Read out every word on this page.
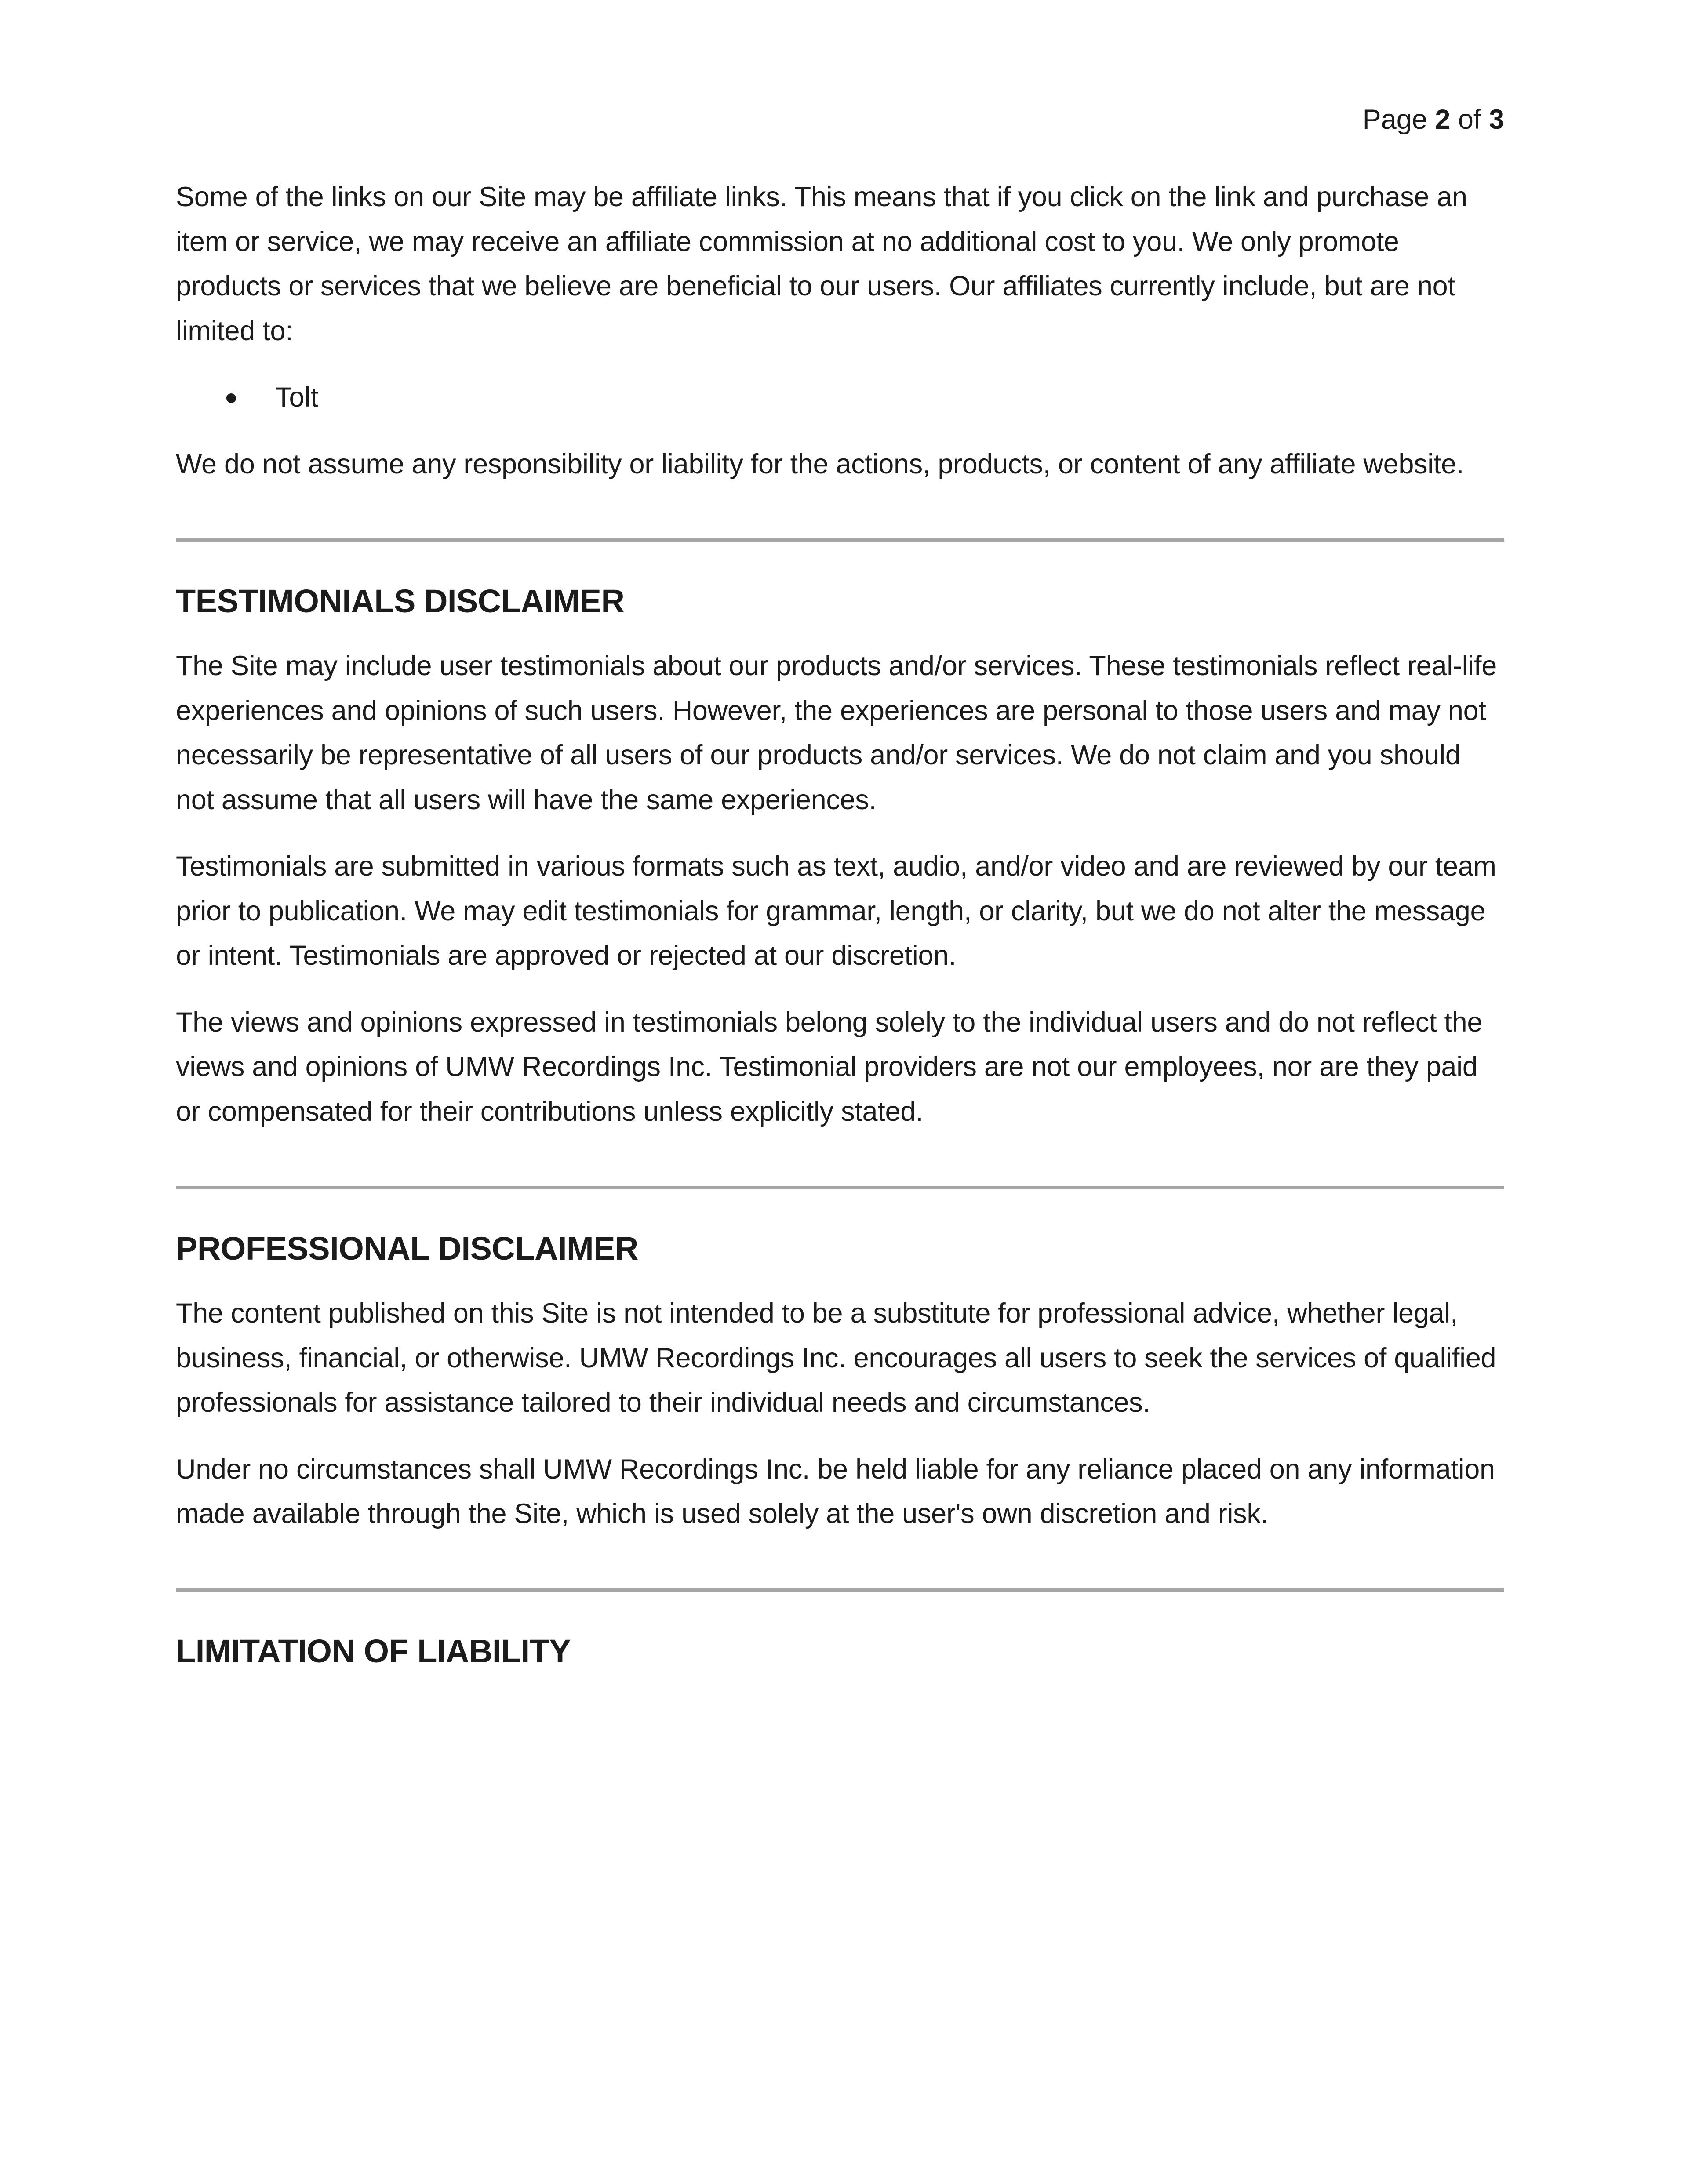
Page 2 of 3

Some of the links on our Site may be affiliate links. This means that if you click on the link and purchase an item or service, we may receive an affiliate commission at no additional cost to you. We only promote products or services that we believe are beneficial to our users. Our affiliates currently include, but are not limited to:

Tolt

We do not assume any responsibility or liability for the actions, products, or content of any affiliate website.

TESTIMONIALS DISCLAIMER

The Site may include user testimonials about our products and/or services. These testimonials reflect real-life experiences and opinions of such users. However, the experiences are personal to those users and may not necessarily be representative of all users of our products and/or services. We do not claim and you should not assume that all users will have the same experiences.

Testimonials are submitted in various formats such as text, audio, and/or video and are reviewed by our team prior to publication. We may edit testimonials for grammar, length, or clarity, but we do not alter the message or intent. Testimonials are approved or rejected at our discretion.

The views and opinions expressed in testimonials belong solely to the individual users and do not reflect the views and opinions of UMW Recordings Inc. Testimonial providers are not our employees, nor are they paid or compensated for their contributions unless explicitly stated.

PROFESSIONAL DISCLAIMER

The content published on this Site is not intended to be a substitute for professional advice, whether legal, business, financial, or otherwise. UMW Recordings Inc. encourages all users to seek the services of qualified professionals for assistance tailored to their individual needs and circumstances.

Under no circumstances shall UMW Recordings Inc. be held liable for any reliance placed on any information made available through the Site, which is used solely at the user's own discretion and risk.

LIMITATION OF LIABILITY
